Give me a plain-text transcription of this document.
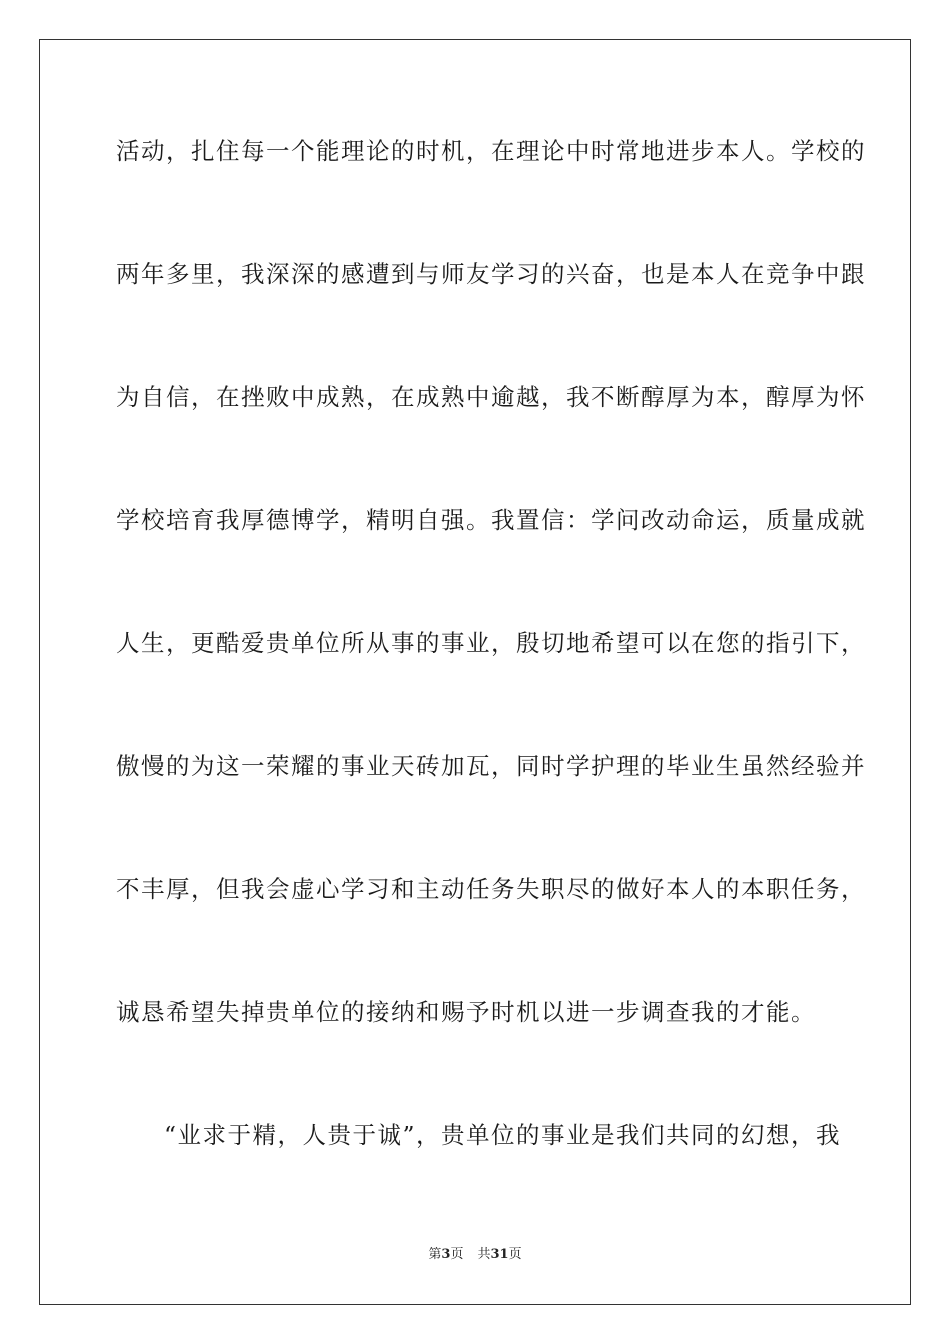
活动，扎住每一个能理论的时机，在理论中时常地进步本人。学校的
两年多里，我深深的感遭到与师友学习的兴奋，也是本人在竞争中跟
为自信，在挫败中成熟，在成熟中逾越，我不断醇厚为本，醇厚为怀
学校培育我厚德博学，精明自强。我置信：学问改动命运，质量成就
人生，更酷爱贵单位所从事的事业，殷切地希望可以在您的指引下，
傲慢的为这一荣耀的事业天砖加瓦，同时学护理的毕业生虽然经验并
不丰厚，但我会虚心学习和主动任务失职尽的做好本人的本职任务，
诚恳希望失掉贵单位的接纳和赐予时机以进一步调查我的才能。
“业求于精，人贵于诚”，贵单位的事业是我们共同的幻想，我
第3页 共31页
